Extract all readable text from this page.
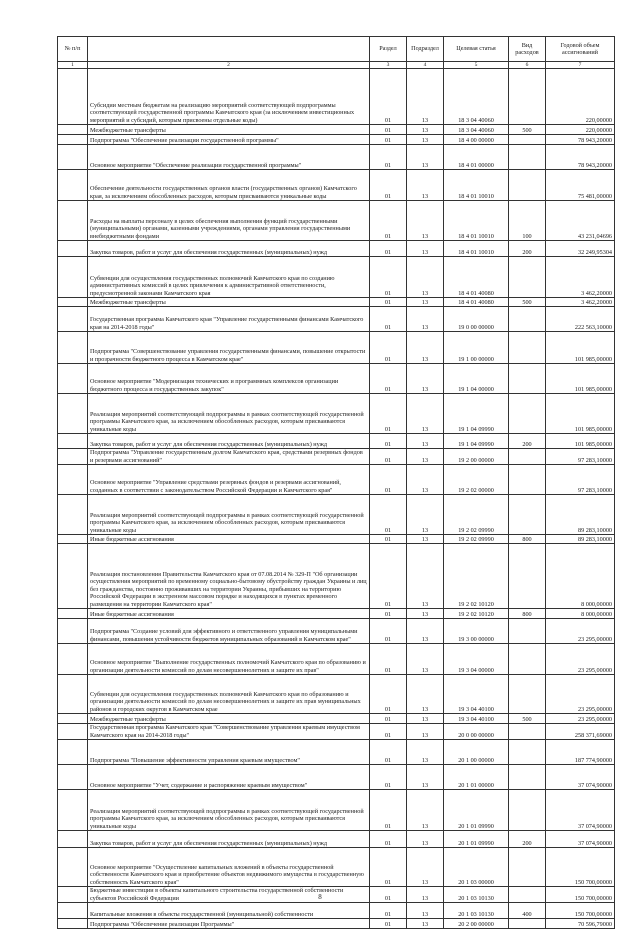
№ п/п		Раздел	Подраздел	Целевая статья	Вид расходов	Годовой объем ассигнований
1	2	3	4	5	6	7
	Субсидии местным бюджетам на реализацию мероприятий соответствующей подпрограммы соответствующей государственной программы Камчатского края (за исключением инвестиционных мероприятий и субсидий, которым присвоены отдельные коды)	01	13	18 3 04 40060		220,00000
	Межбюджетные трансферты	01	13	18 3 04 40060	500	220,00000
	Подпрограмма "Обеспечение реализации государственной программы"	01	13	18 4 00 00000		78 943,20000
	Основное мероприятие "Обеспечение реализации государственной программы"	01	13	18 4 01 00000		78 943,20000
	Обеспечение деятельности государственных органов власти (государственных органов) Камчатского края, за исключением обособленных расходов, которым присваиваются уникальные коды	01	13	18 4 01 10010		75 481,00000
	Расходы на выплаты персоналу в целях обеспечения выполнения функций государственными (муниципальными) органами, казенными учреждениями, органами управления государственными внебюджетными фондами	01	13	18 4 01 10010	100	43 231,04696
	Закупка товаров, работ и услуг для обеспечения государственных (муниципальных) нужд	01	13	18 4 01 10010	200	32 249,95304
	Субвенции для осуществления государственных полномочий Камчатского края по созданию административных комиссий в целях привлечения к административной ответственности, предусмотренной законами Камчатского края	01	13	18 4 01 40080		3 462,20000
	Межбюджетные трансферты	01	13	18 4 01 40080	500	3 462,20000
	Государственная программа Камчатского края "Управление государственными финансами Камчатского края на 2014-2018 годы"	01	13	19 0 00 00000		222 563,10000
	Подпрограмма "Совершенствование управления государственными финансами, повышение открытости и прозрачности бюджетного процесса в Камчатском крае"	01	13	19 1 00 00000		101 985,00000
	Основное мероприятие "Модернизация технических и программных комплексов организации бюджетного процесса и государственных закупок"	01	13	19 1 04 00000		101 985,00000
	Реализация мероприятий соответствующей подпрограммы в рамках соответствующей государственной программы Камчатского края, за исключением обособленных расходов, которым присваиваются уникальные коды	01	13	19 1 04 09990		101 985,00000
	Закупка товаров, работ и услуг для обеспечения государственных (муниципальных) нужд	01	13	19 1 04 09990	200	101 985,00000
	Подпрограмма "Управление государственным долгом Камчатского края, средствами резервных фондов и резервами ассигнований"	01	13	19 2 00 00000		97 283,10000
	Основное мероприятие "Управление средствами резервных фондов и резервами ассигнований, созданных в соответствии с законодательством Российской Федерации и Камчатского края"	01	13	19 2 02 00000		97 283,10000
	Реализация мероприятий соответствующей подпрограммы в рамках соответствующей государственной программы Камчатского края, за исключением обособленных расходов, которым присваиваются уникальные коды	01	13	19 2 02 09990		89 283,10000
	Иные бюджетные ассигнования	01	13	19 2 02 09990	800	89 283,10000
	Реализация постановления Правительства Камчатского края от 07.08.2014 № 329-П "Об организации осуществления мероприятий по временному социально-бытовому обустройству граждан Украины и лиц без гражданства, постоянно проживавших на территории Украины, прибывших на территорию Российской Федерации в экстренном массовом порядке и находящихся в пунктах временного размещения на территории Камчатского края"	01	13	19 2 02 10120		8 000,00000
	Иные бюджетные ассигнования	01	13	19 2 02 10120	800	8 000,00000
	Подпрограмма "Создание условий для эффективного и ответственного управления муниципальными финансами, повышения устойчивости бюджетов муниципальных образований в Камчатском крае"	01	13	19 3 00 00000		23 295,00000
	Основное мероприятие "Выполнение государственных полномочий Камчатского края по образованию и организации деятельности комиссий по делам несовершеннолетних и защите их прав"	01	13	19 3 04 00000		23 295,00000
	Субвенции для осуществления государственных полномочий Камчатского края по образованию и организации деятельности комиссий по делам несовершеннолетних и защите их прав муниципальных районов и городских округов в Камчатском крае	01	13	19 3 04 40100		23 295,00000
	Межбюджетные трансферты	01	13	19 3 04 40100	500	23 295,00000
	Государственная программа Камчатского края "Совершенствование управления краевым имуществом Камчатского края на 2014-2018 годы"	01	13	20 0 00 00000		258 371,69000
	Подпрограмма "Повышение эффективности управления краевым имуществом"	01	13	20 1 00 00000		187 774,90000
	Основное мероприятие "Учет, содержание и распоряжение краевым имуществом"	01	13	20 1 01 00000		37 074,90000
	Реализация мероприятий соответствующей подпрограммы в рамках соответствующей государственной программы Камчатского края, за исключением обособленных расходов, которым присваиваются уникальные коды	01	13	20 1 01 09990		37 074,90000
	Закупка товаров, работ и услуг для обеспечения государственных (муниципальных) нужд	01	13	20 1 01 09990	200	37 074,90000
	Основное мероприятие "Осуществление капитальных вложений в объекты государственной собственности Камчатского края и приобретение объектов недвижимого имущества в государственную собственность Камчатского края"	01	13	20 1 03 00000		150 700,00000
	Бюджетные инвестиции в объекты капитального строительства государственной собственности субъектов Российской Федерации	01	13	20 1 03 10130		150 700,00000
	Капитальные вложения в объекты государственной (муниципальной) собственности	01	13	20 1 03 10130	400	150 700,00000
	Подпрограмма "Обеспечение реализации Программы"	01	13	20 2 00 00000		70 596,79000
8
